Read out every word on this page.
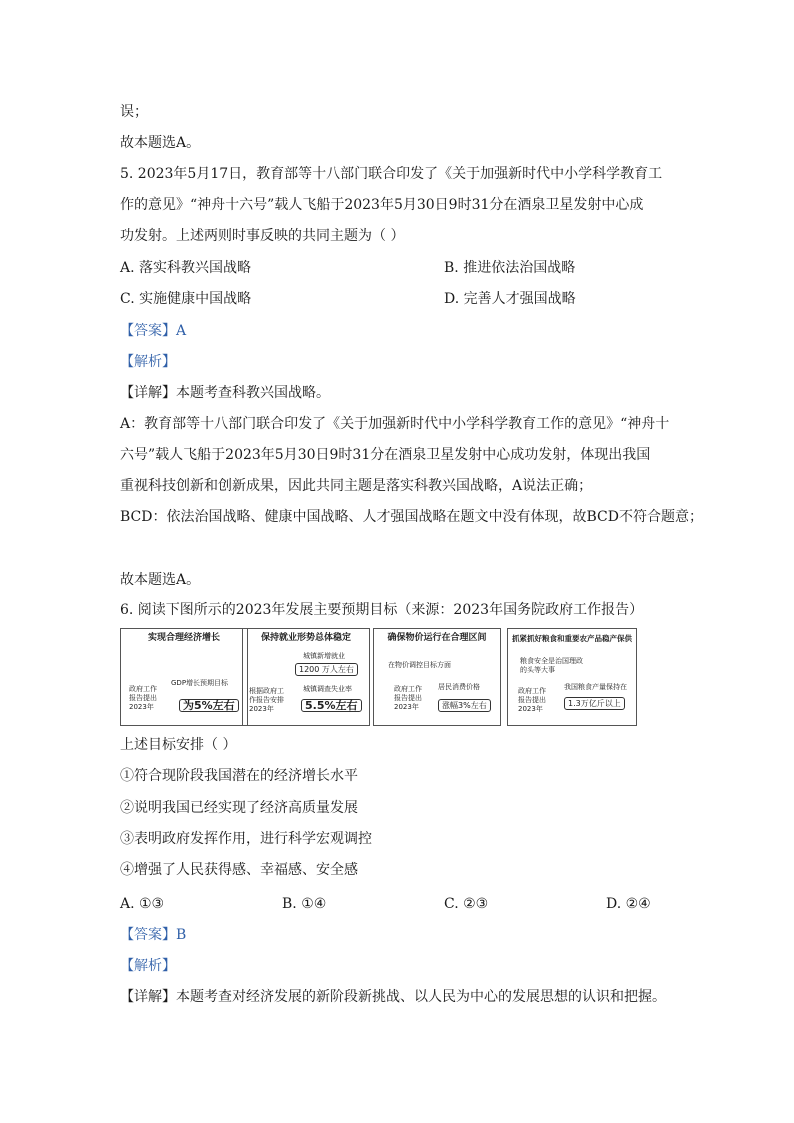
误；
故本题选A。
5. 2023年5月17日，教育部等十八部门联合印发了《关于加强新时代中小学科学教育工
作的意见》“神舟十六号”载人飞船于2023年5月30日9时31分在酒泉卫星发射中心成
功发射。上述两则时事反映的共同主题为（ ）
A. 落实科教兴国战略	B. 推进依法治国战略
C. 实施健康中国战略	D. 完善人才强国战略
【答案】A
【解析】
【详解】本题考查科教兴国战略。
A：教育部等十八部门联合印发了《关于加强新时代中小学科学教育工作的意见》“神舟十
六号”载人飞船于2023年5月30日9时31分在酒泉卫星发射中心成功发射，体现出我国
重视科技创新和创新成果，因此共同主题是落实科教兴国战略，A说法正确；
BCD：依法治国战略、健康中国战略、人才强国战略在题文中没有体现，故BCD不符合题意；
故本题选A。
6. 阅读下图所示的2023年发展主要预期目标（来源：2023年国务院政府工作报告）
实现合理经济增长
政府工作
报告提出
2023年
GDP增长预期目标
为5%左右
保持就业形势总体稳定
城镇新增就业
1200 万人左右
根据政府工
作报告安排
2023年
城镇调查失业率
5.5%左右
确保物价运行在合理区间
在物价调控目标方面
政府工作
报告提出
2023年
居民消费价格
涨幅3%左右
抓紧抓好粮食和重要农产品稳产保供
粮食安全是治国理政
的头等大事
政府工作
报告提出
2023年
我国粮食产量保持在
1.3万亿斤以上
上述目标安排（ ）
①符合现阶段我国潜在的经济增长水平
②说明我国已经实现了经济高质量发展
③表明政府发挥作用，进行科学宏观调控
④增强了人民获得感、幸福感、安全感
A. ①③	B. ①④	C. ②③	D. ②④
【答案】B
【解析】
【详解】本题考查对经济发展的新阶段新挑战、以人民为中心的发展思想的认识和把握。
